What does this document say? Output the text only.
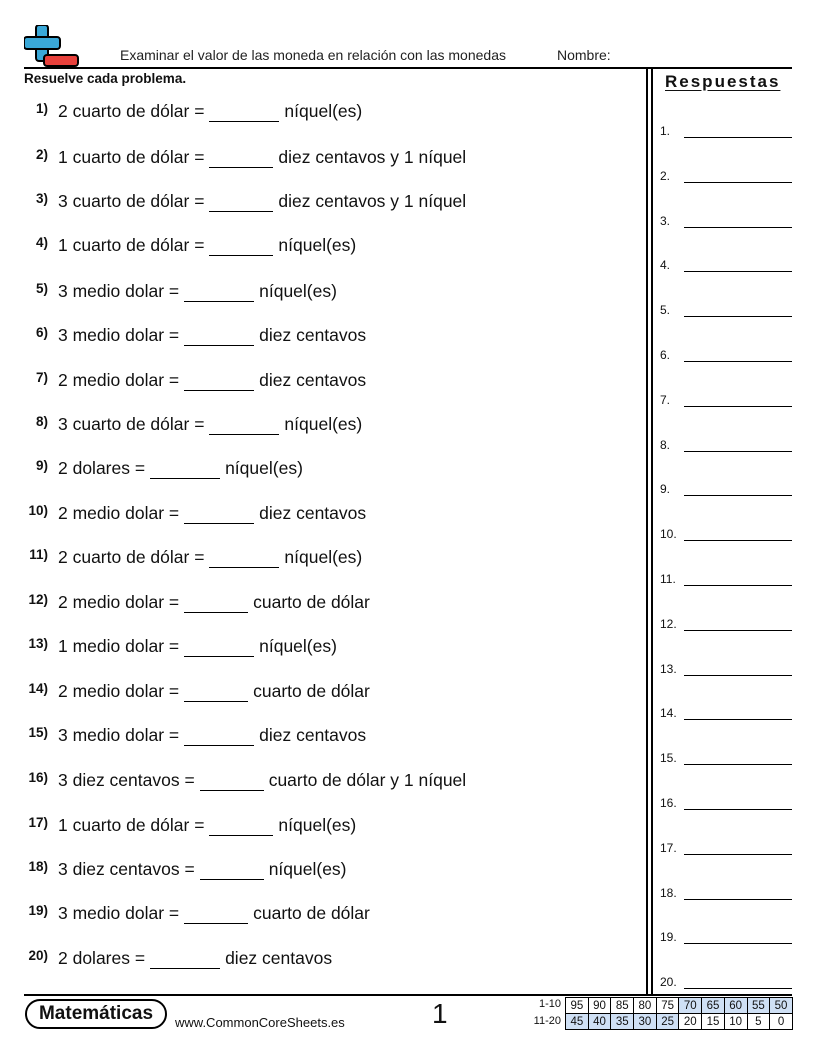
Examinar el valor de las moneda en relación con las monedas	Nombre:
Resuelve cada problema.
1) 2 cuarto de dólar =	níquel(es)
2) 1 cuarto de dólar =	diez centavos y 1 níquel
3) 3 cuarto de dólar =	diez centavos y 1 níquel
4) 1 cuarto de dólar =	níquel(es)
5) 3 medio dolar =	níquel(es)
6) 3 medio dolar =	diez centavos
7) 2 medio dolar =	diez centavos
8) 3 cuarto de dólar =	níquel(es)
9) 2 dolares =	níquel(es)
10) 2 medio dolar =	diez centavos
11) 2 cuarto de dólar =	níquel(es)
12) 2 medio dolar =	cuarto de dólar
13) 1 medio dolar =	níquel(es)
14) 2 medio dolar =	cuarto de dólar
15) 3 medio dolar =	diez centavos
16) 3 diez centavos =	cuarto de dólar y 1 níquel
17) 1 cuarto de dólar =	níquel(es)
18) 3 diez centavos =	níquel(es)
19) 3 medio dolar =	cuarto de dólar
20) 2 dolares =	diez centavos
Respuestas
1.
2.
3.
4.
5.
6.
7.
8.
9.
10.
11.
12.
13.
14.
15.
16.
17.
18.
19.
20.
Matemáticas	www.CommonCoreSheets.es	1	1-10
11-20
95	90	85	80	75	70	65	60	55	50
45	40	35	30	25	20	15	10	5	0
